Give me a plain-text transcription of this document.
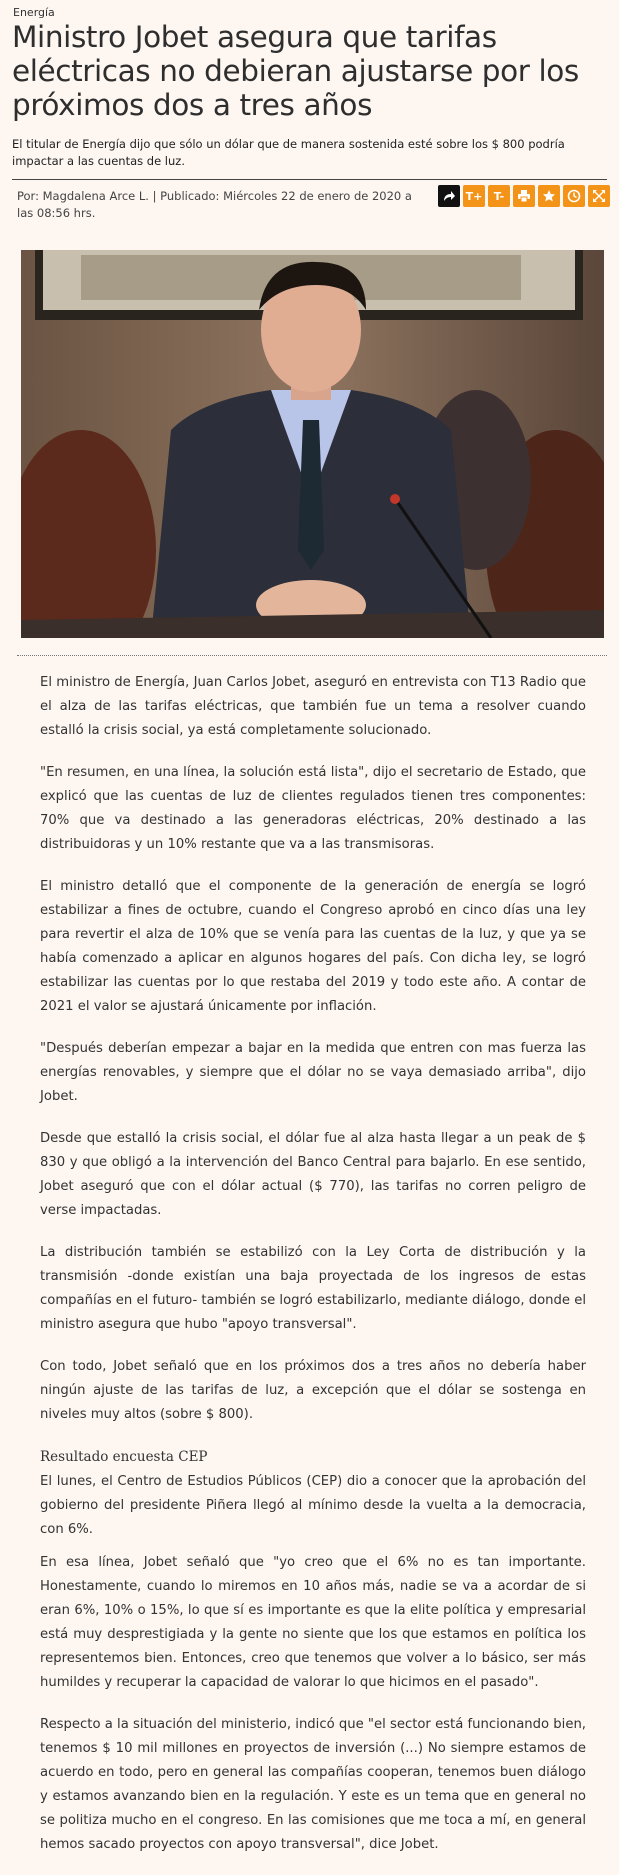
Energía
Ministro Jobet asegura que tarifas eléctricas no debieran ajustarse por los próximos dos a tres años

El titular de Energía dijo que sólo un dólar que de manera sostenida esté sobre los $ 800 podría impactar a las cuentas de luz.

Por: Magdalena Arce L. | Publicado: Miércoles 22 de enero de 2020 a las 08:56 hrs.
T+	T-

El ministro de Energía, Juan Carlos Jobet, aseguró en entrevista con T13 Radio que el alza de las tarifas eléctricas, que también fue un tema a resolver cuando estalló la crisis social, ya está completamente solucionado.

"En resumen, en una línea, la solución está lista", dijo el secretario de Estado, que explicó que las cuentas de luz de clientes regulados tienen tres componentes: 70% que va destinado a las generadoras eléctricas, 20% destinado a las distribuidoras y un 10% restante que va a las transmisoras.

El ministro detalló que el componente de la generación de energía se logró estabilizar a fines de octubre, cuando el Congreso aprobó en cinco días una ley para revertir el alza de 10% que se venía para las cuentas de la luz, y que ya se había comenzado a aplicar en algunos hogares del país. Con dicha ley, se logró estabilizar las cuentas por lo que restaba del 2019 y todo este año. A contar de 2021 el valor se ajustará únicamente por inflación.

"Después deberían empezar a bajar en la medida que entren con mas fuerza las energías renovables, y siempre que el dólar no se vaya demasiado arriba", dijo Jobet.

Desde que estalló la crisis social, el dólar fue al alza hasta llegar a un peak de $ 830 y que obligó a la intervención del Banco Central para bajarlo. En ese sentido, Jobet aseguró que con el dólar actual ($ 770), las tarifas no corren peligro de verse impactadas.

La distribución también se estabilizó con la Ley Corta de distribución y la transmisión -donde existían una baja proyectada de los ingresos de estas compañías en el futuro- también se logró estabilizarlo, mediante diálogo, donde el ministro asegura que hubo "apoyo transversal".

Con todo, Jobet señaló que en los próximos dos a tres años no debería haber ningún ajuste de las tarifas de luz, a excepción que el dólar se sostenga en niveles muy altos (sobre $ 800).

Resultado encuesta CEP

El lunes, el Centro de Estudios Públicos (CEP) dio a conocer que la aprobación del gobierno del presidente Piñera llegó al mínimo desde la vuelta a la democracia, con 6%.

En esa línea, Jobet señaló que "yo creo que el 6% no es tan importante. Honestamente, cuando lo miremos en 10 años más, nadie se va a acordar de si eran 6%, 10% o 15%, lo que sí es importante es que la elite política y empresarial está muy desprestigiada y la gente no siente que los que estamos en política los representemos bien. Entonces, creo que tenemos que volver a lo básico, ser más humildes y recuperar la capacidad de valorar lo que hicimos en el pasado".

Respecto a la situación del ministerio, indicó que "el sector está funcionando bien, tenemos $ 10 mil millones en proyectos de inversión (...) No siempre estamos de acuerdo en todo, pero en general las compañías cooperan, tenemos buen diálogo y estamos avanzando bien en la regulación. Y este es un tema que en general no se politiza mucho en el congreso. En las comisiones que me toca a mí, en general hemos sacado proyectos con apoyo transversal", dice Jobet.
